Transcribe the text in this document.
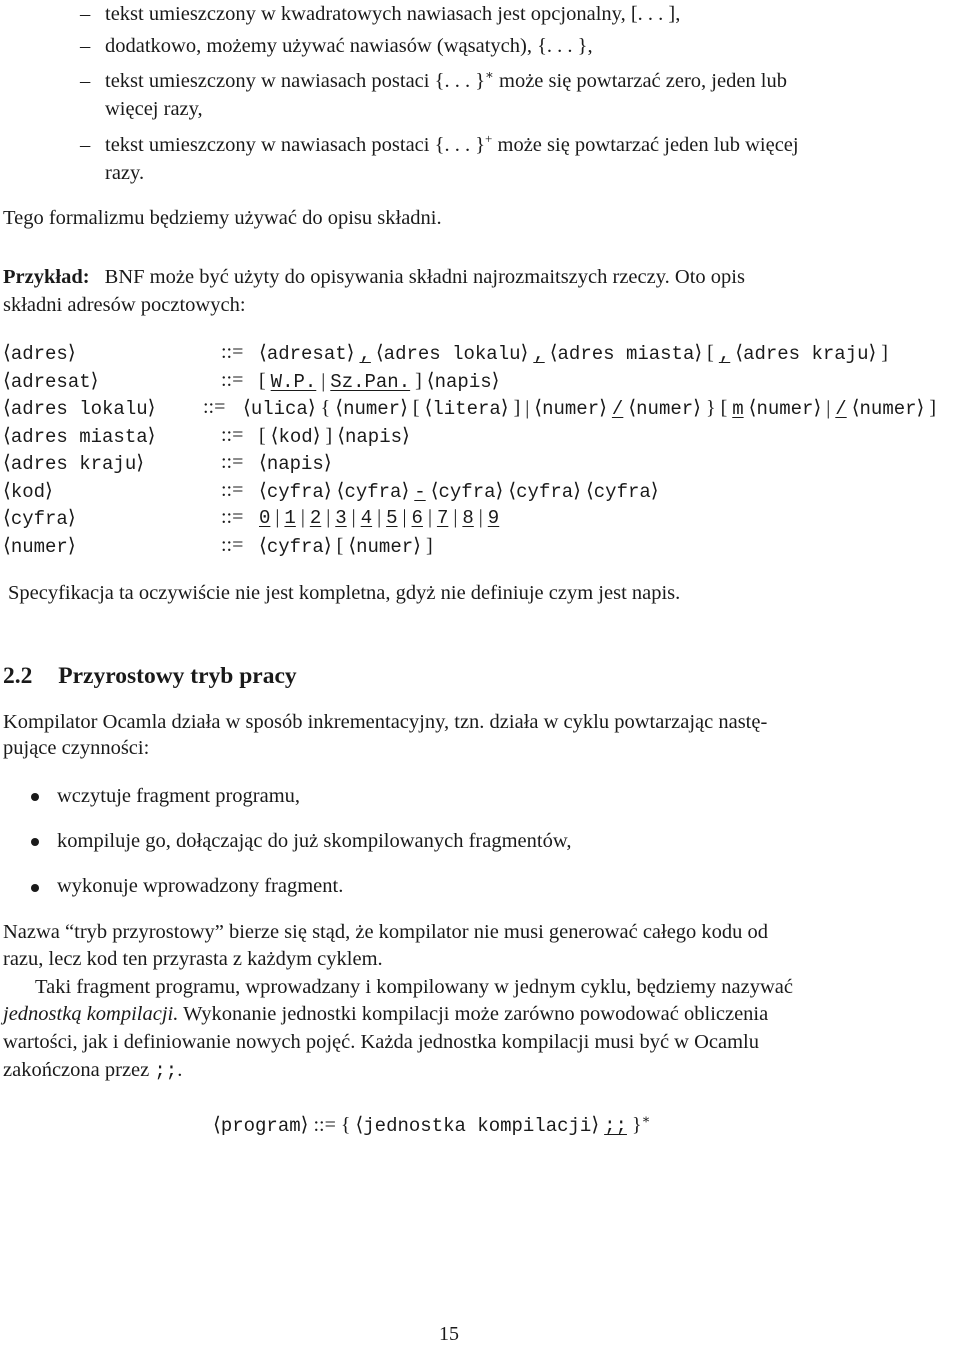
– tekst umieszczony w kwadratowych nawiasach jest opcjonalny, [. . . ],
– dodatkowo, możemy używać nawiasów (wąsatych), {. . . },
– tekst umieszczony w nawiasach postaci {. . . }∗ może się powtarzać zero, jeden lub
więcej razy,
– tekst umieszczony w nawiasach postaci {. . . }+ może się powtarzać jeden lub więcej
razy.
Tego formalizmu będziemy używać do opisu składni.
Przykład: BNF może być użyty do opisywania składni najrozmaitszych rzeczy. Oto opis
składni adresów pocztowych:
⟨adres⟩	::= ⟨adresat⟩ , ⟨adres lokalu⟩ , ⟨adres miasta⟩ [ , ⟨adres kraju⟩ ]
⟨adresat⟩	::= [ W.P. | Sz.Pan. ] ⟨napis⟩
⟨adres lokalu⟩ ::= ⟨ulica⟩ { ⟨numer⟩ [ ⟨litera⟩ ] | ⟨numer⟩ / ⟨numer⟩ } [ m ⟨numer⟩ | / ⟨numer⟩ ]
⟨adres miasta⟩	::= [ ⟨kod⟩ ] ⟨napis⟩
⟨adres kraju⟩	::= ⟨napis⟩
⟨kod⟩	::= ⟨cyfra⟩ ⟨cyfra⟩ - ⟨cyfra⟩ ⟨cyfra⟩ ⟨cyfra⟩
⟨cyfra⟩	::= 0 | 1 | 2 | 3 | 4 | 5 | 6 | 7 | 8 | 9
⟨numer⟩	::= ⟨cyfra⟩ [ ⟨numer⟩ ]
Specyfikacja ta oczywiście nie jest kompletna, gdyż nie definiuje czym jest napis.
2.2 Przyrostowy tryb pracy
Kompilator Ocamla działa w sposób inkrementacyjny, tzn. działa w cyklu powtarzając nastę-
pujące czynności:
wczytuje fragment programu,
kompiluje go, dołączając do już skompilowanych fragmentów,
wykonuje wprowadzony fragment.
Nazwa “tryb przyrostowy” bierze się stąd, że kompilator nie musi generować całego kodu od
razu, lecz kod ten przyrasta z każdym cyklem.
Taki fragment programu, wprowadzany i kompilowany w jednym cyklu, będziemy nazywać
jednostką kompilacji. Wykonanie jednostki kompilacji może zarówno powodować obliczenia
wartości, jak i definiowanie nowych pojęć. Każda jednostka kompilacji musi być w Ocamlu
zakończona przez ;;.
⟨program⟩ ::= { ⟨jednostka kompilacji⟩ ;; }∗
15
